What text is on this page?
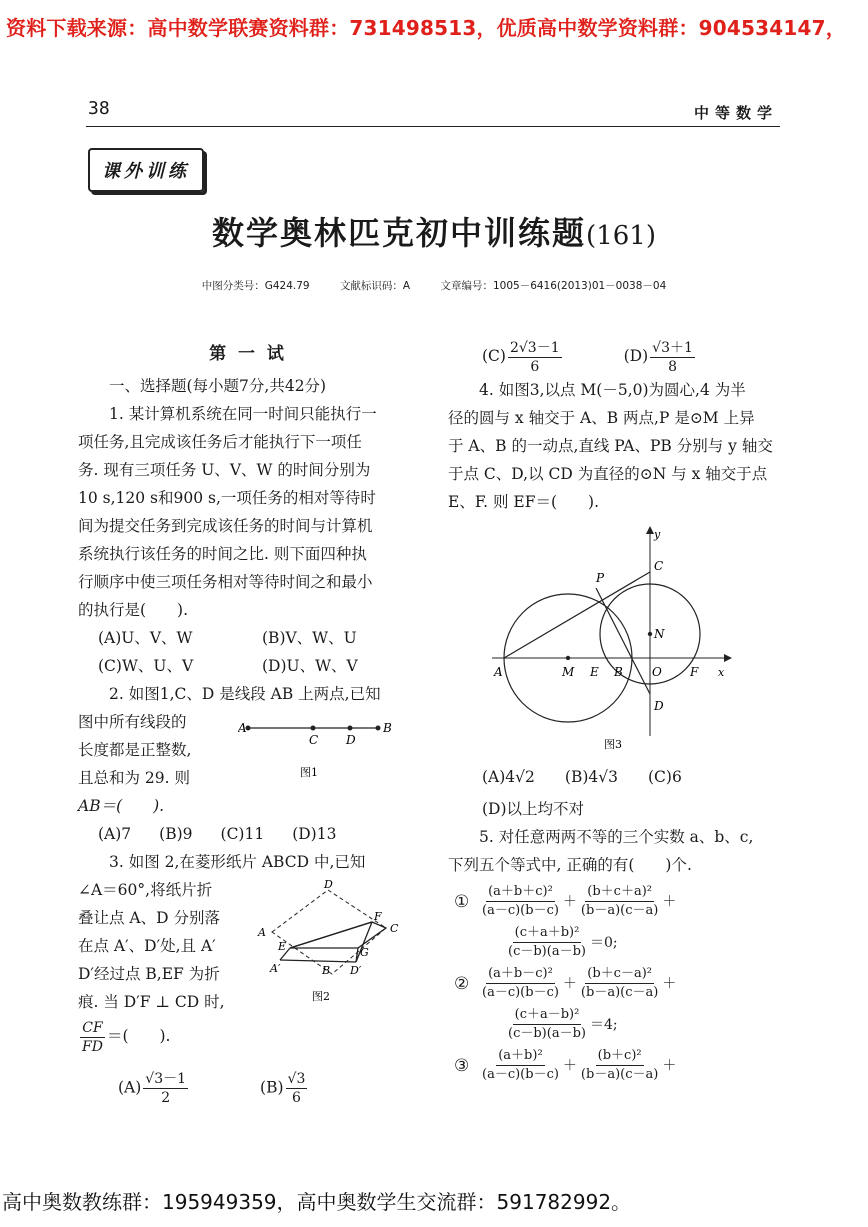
资料下载来源：高中数学联赛资料群：731498513，优质高中数学资料群：904534147，
38	中等数学
课外训练
数学奥林匹克初中训练题(161)
中图分类号：G424.79	文献标识码：A	文章编号：1005－6416(2013)01－0038－04

第 一 试

一、选择题(每小题7分,共42分)

1. 某计算机系统在同一时间只能执行一

项任务,且完成该任务后才能执行下一项任

务. 现有三项任务 U、V、W 的时间分别为

10 s,120 s和900 s,一项任务的相对等待时

间为提交任务到完成该任务的时间与计算机

系统执行该任务的时间之比. 则下面四种执

行顺序中使三项任务相对等待时间之和最小

的执行是(　　).

(A)U、V、W	(B)V、W、U
(C)W、U、V	(D)U、W、V

2. 如图1,C、D 是线段 AB 上两点,已知

图中所有线段的

长度都是正整数,

且总和为 29. 则

AB＝(　　).

A
C D
B
图1
(A)7 (B)9 (C)11 (D)13

3. 如图 2,在菱形纸片 ABCD 中,已知

∠A＝60°,将纸片折

叠让点 A、D 分别落

在点 A′、D′处,且 A′

D′经过点 B,EF 为折

痕. 当 D′F ⊥ CD 时,

$\frac{CF}{FD}$ ＝(　　).

D
A
F
C
E	G
A′	B D′
图2
$(A) \frac{√3-1}{2}$	$(B) \frac{√3}{6}$
$(C) \frac{2√3-1}{6}$	$(D) \frac{√3+1}{8}$

4. 如图3,以点 M(－5,0)为圆心,4 为半

径的圆与 x 轴交于 A、B 两点,P 是⊙M 上异

于 A、B 的一动点,直线 PA、PB 分别与 y 轴交

于点 C、D,以 CD 为直径的⊙N 与 x 轴交于点

E、F. 则 EF＝(　　).

y
C
P
N
A	M E B O F x
D
图3
(A)4√2 (B)4√3 (C)6

(D)以上均不对

5. 对任意两两不等的三个实数 a、b、c,

下列五个等式中, 正确的有(　　)个.

① $\frac{\text{(a＋b＋c)²}}{(a-c)(b-c)} + \frac{\text{(b＋c＋a)²}}{(b-a)(c-a)}$ ＋
$\frac{\text{(c＋a＋b)²}}{(c-b)(a-b)} =0$;
② $\frac{\text{(a＋b－c)²}}{(a-c)(b-c)} + \frac{\text{(b＋c－a)²}}{(b-a)(c-a)}$ ＋
$\frac{\text{(c＋a－b)²}}{(c-b)(a-b)} =4$;
③ $\frac{\text{(a＋b)²}}{(a-c)(b-c)} + \frac{\text{(b＋c)²}}{(b-a)(c-a)}$ ＋
高中奥数教练群：195949359，高中奥数学生交流群：591782992。
